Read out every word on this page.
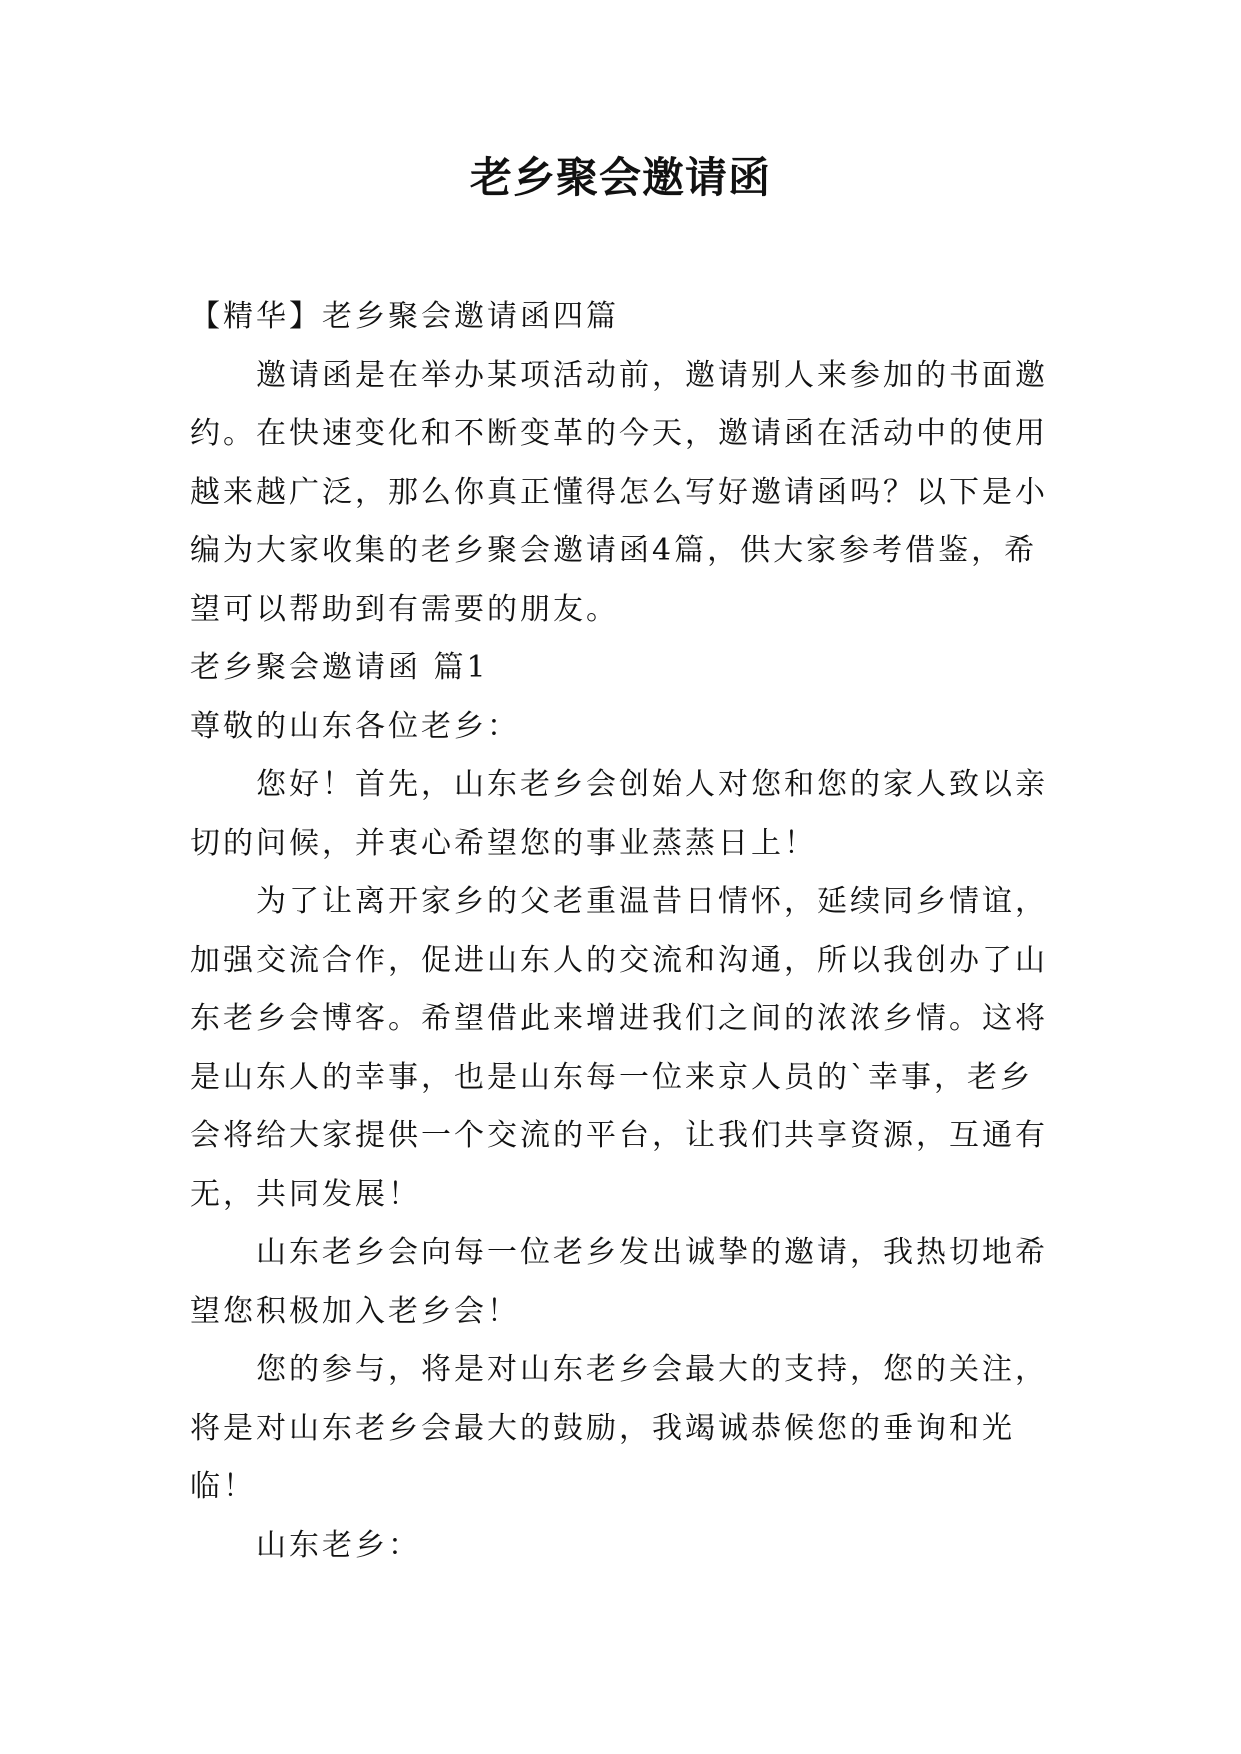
老乡聚会邀请函

【精华】老乡聚会邀请函四篇

邀请函是在举办某项活动前，邀请别人来参加的书面邀约。在快速变化和不断变革的今天，邀请函在活动中的使用越来越广泛，那么你真正懂得怎么写好邀请函吗？以下是小编为大家收集的老乡聚会邀请函4篇，供大家参考借鉴，希望可以帮助到有需要的朋友。

老乡聚会邀请函 篇1

尊敬的山东各位老乡：

您好！首先，山东老乡会创始人对您和您的家人致以亲切的问候，并衷心希望您的事业蒸蒸日上！

为了让离开家乡的父老重温昔日情怀，延续同乡情谊，加强交流合作，促进山东人的交流和沟通，所以我创办了山东老乡会博客。希望借此来增进我们之间的浓浓乡情。这将是山东人的幸事，也是山东每一位来京人员的`幸事，老乡会将给大家提供一个交流的平台，让我们共享资源，互通有无，共同发展！

山东老乡会向每一位老乡发出诚挚的邀请，我热切地希望您积极加入老乡会！

您的参与，将是对山东老乡会最大的支持，您的关注，将是对山东老乡会最大的鼓励，我竭诚恭候您的垂询和光临！

山东老乡：
